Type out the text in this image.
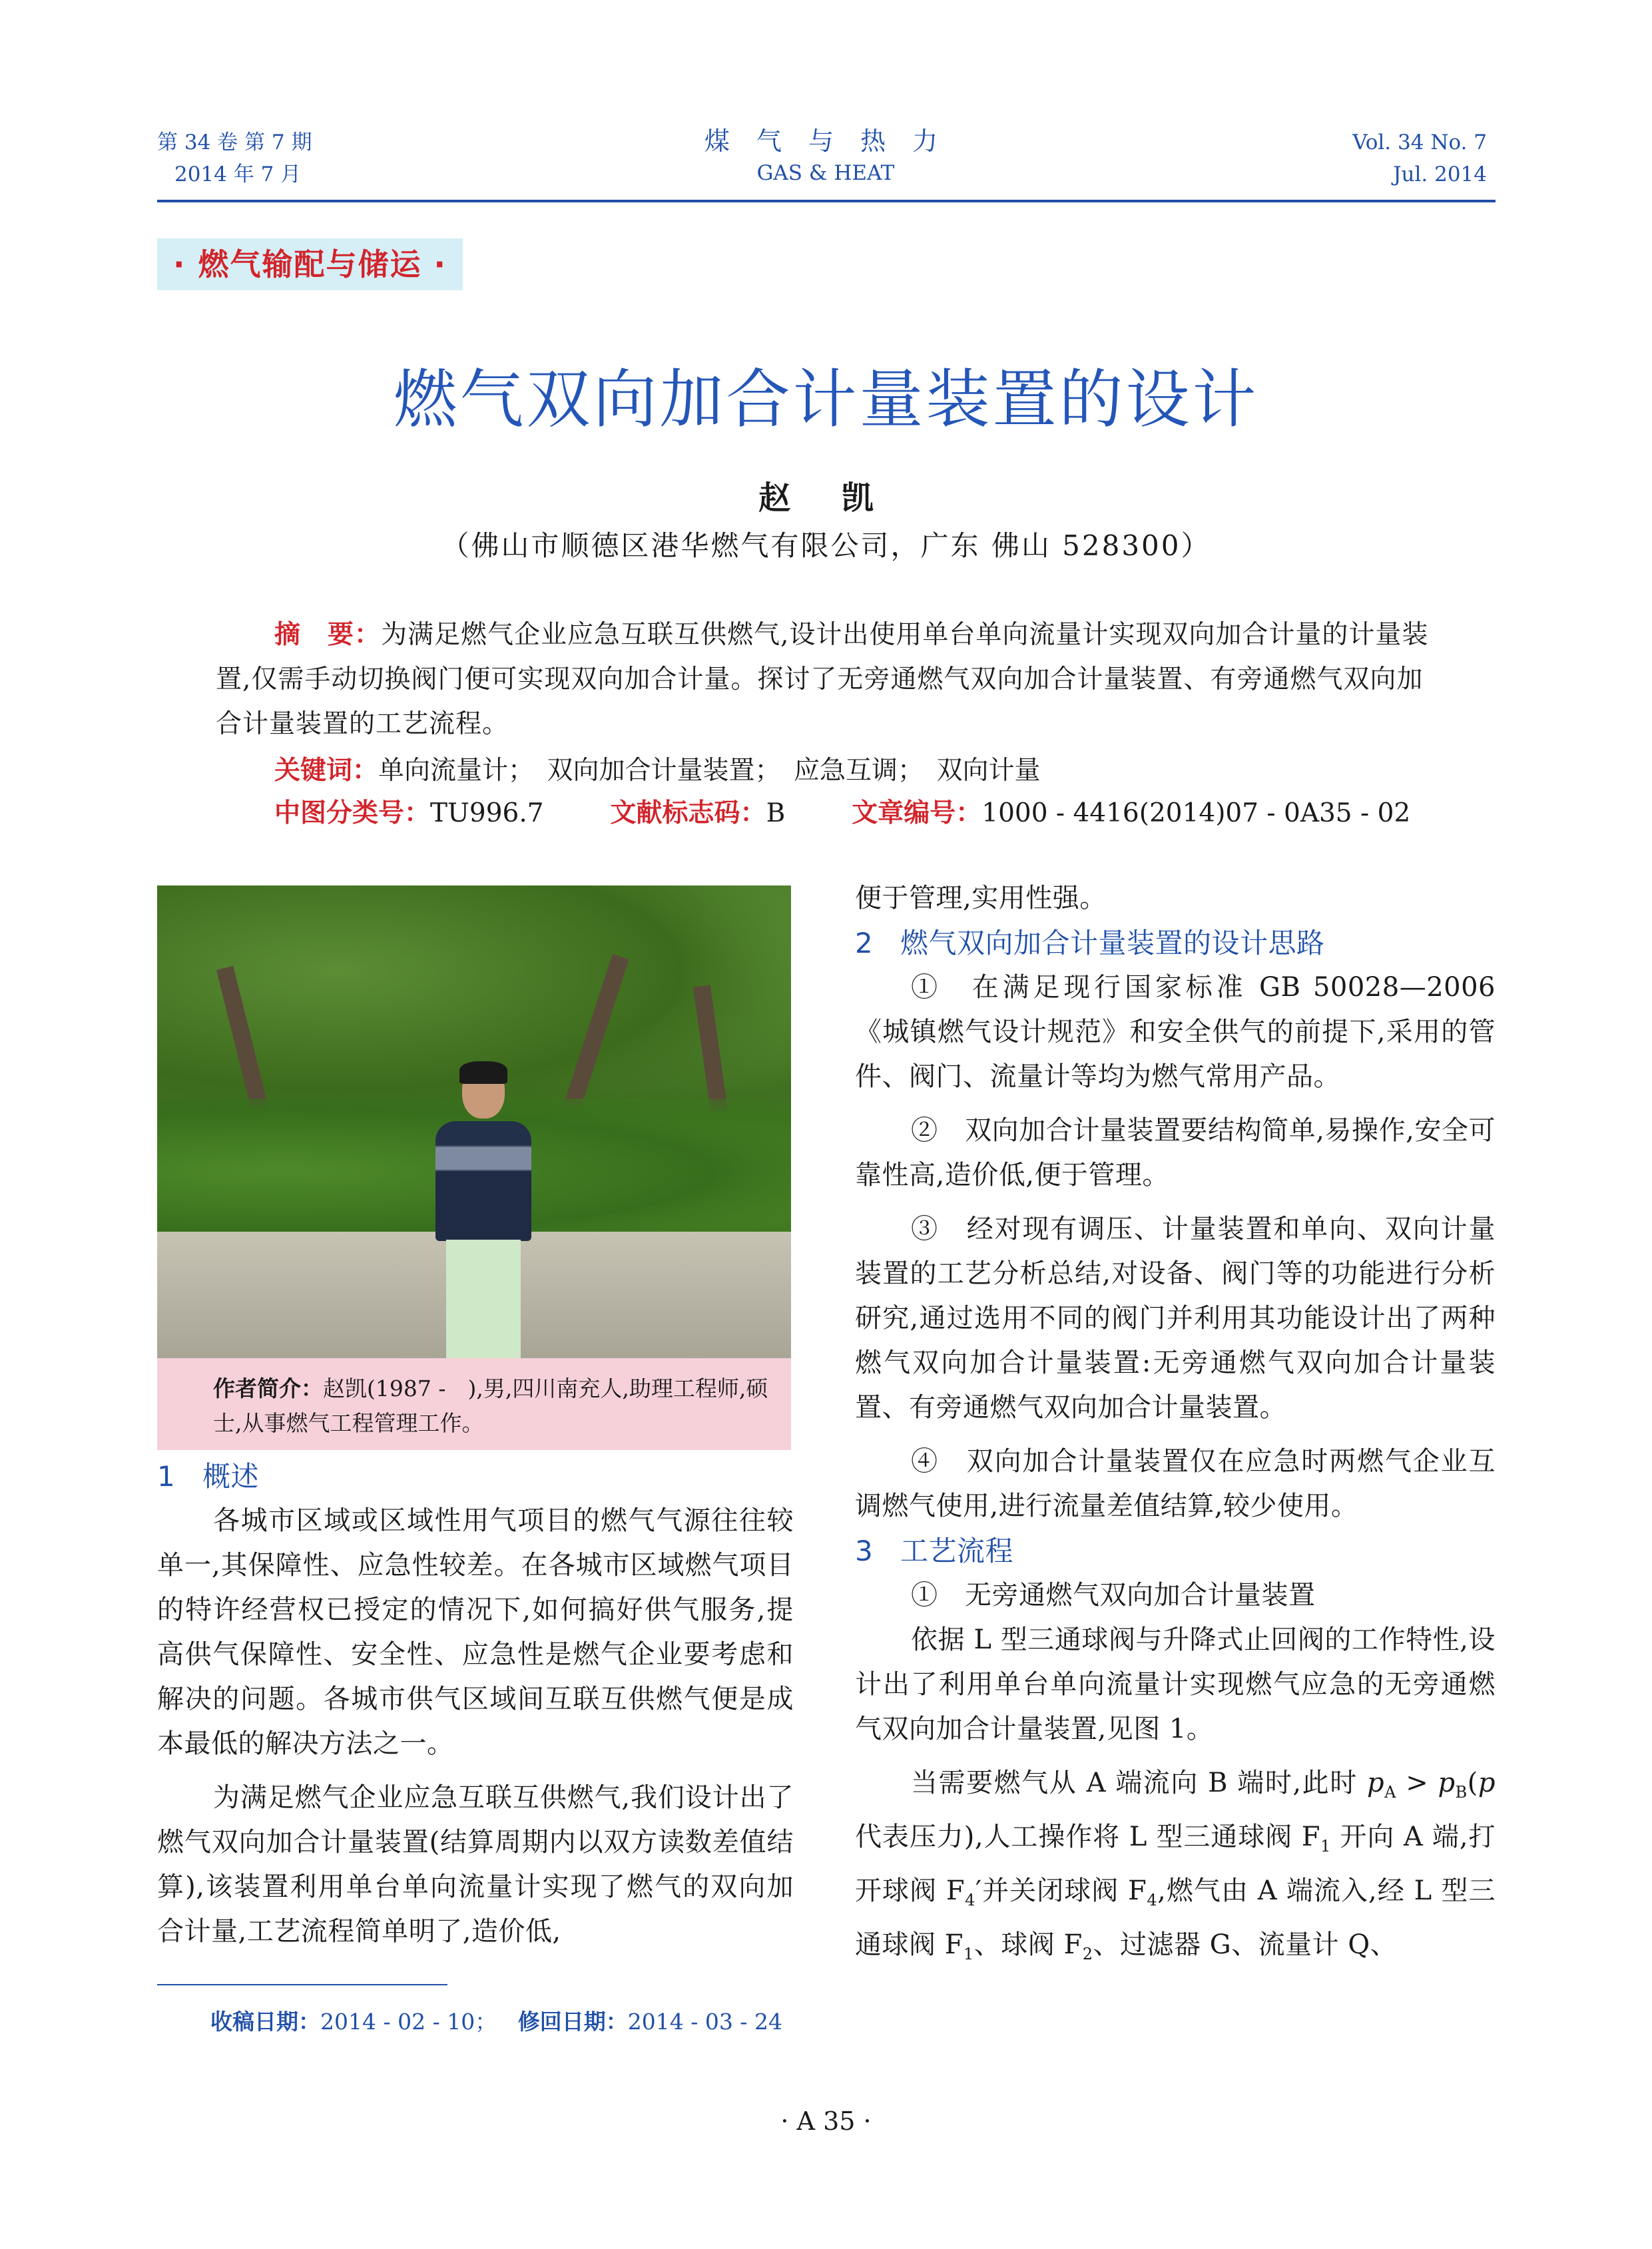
第 34 卷 第 7 期
2014 年 7 月
煤 气 与 热 力
GAS & HEAT
Vol. 34 No. 7
Jul. 2014
· 燃气输配与储运 ·
燃气双向加合计量装置的设计
赵 凯
（佛山市顺德区港华燃气有限公司，广东 佛山 528300）

摘　要：为满足燃气企业应急互联互供燃气,设计出使用单台单向流量计实现双向加合计量的计量装置,仅需手动切换阀门便可实现双向加合计量。探讨了无旁通燃气双向加合计量装置、有旁通燃气双向加合计量装置的工艺流程。

关键词：单向流量计；　双向加合计量装置；　应急互调；　双向计量
中图分类号：TU996.7	文献标志码：B	文章编号：1000 - 4416(2014)07 - 0A35 - 02
作者简介：赵凯(1987 -　),男,四川南充人,助理工程师,硕士,从事燃气工程管理工作。
1 概述

各城市区域或区域性用气项目的燃气气源往往较单一,其保障性、应急性较差。在各城市区域燃气项目的特许经营权已授定的情况下,如何搞好供气服务,提高供气保障性、安全性、应急性是燃气企业要考虑和解决的问题。各城市供气区域间互联互供燃气便是成本最低的解决方法之一。

为满足燃气企业应急互联互供燃气,我们设计出了燃气双向加合计量装置(结算周期内以双方读数差值结算),该装置利用单台单向流量计实现了燃气的双向加合计量,工艺流程简单明了,造价低,

便于管理,实用性强。

2 燃气双向加合计量装置的设计思路

①　在满足现行国家标准 GB 50028—2006《城镇燃气设计规范》和安全供气的前提下,采用的管件、阀门、流量计等均为燃气常用产品。

②　双向加合计量装置要结构简单,易操作,安全可靠性高,造价低,便于管理。

③　经对现有调压、计量装置和单向、双向计量装置的工艺分析总结,对设备、阀门等的功能进行分析研究,通过选用不同的阀门并利用其功能设计出了两种燃气双向加合计量装置:无旁通燃气双向加合计量装置、有旁通燃气双向加合计量装置。

④　双向加合计量装置仅在应急时两燃气企业互调燃气使用,进行流量差值结算,较少使用。

3 工艺流程

①　无旁通燃气双向加合计量装置

依据 L 型三通球阀与升降式止回阀的工作特性,设计出了利用单台单向流量计实现燃气应急的无旁通燃气双向加合计量装置,见图 1。

当需要燃气从 A 端流向 B 端时,此时 $p_A > p_B(p$代表压力),人工操作将 L 型三通球阀 $F_1$ 开向 A 端,打开球阀 $F_4'$并关闭球阀 $F_4$,燃气由 A 端流入,经 L 型三通球阀 $F_1$、球阀 $F_2$、过滤器 G、流量计 Q、

收稿日期：2014 - 02 - 10； 修回日期：2014 - 03 - 24
· A 35 ·
